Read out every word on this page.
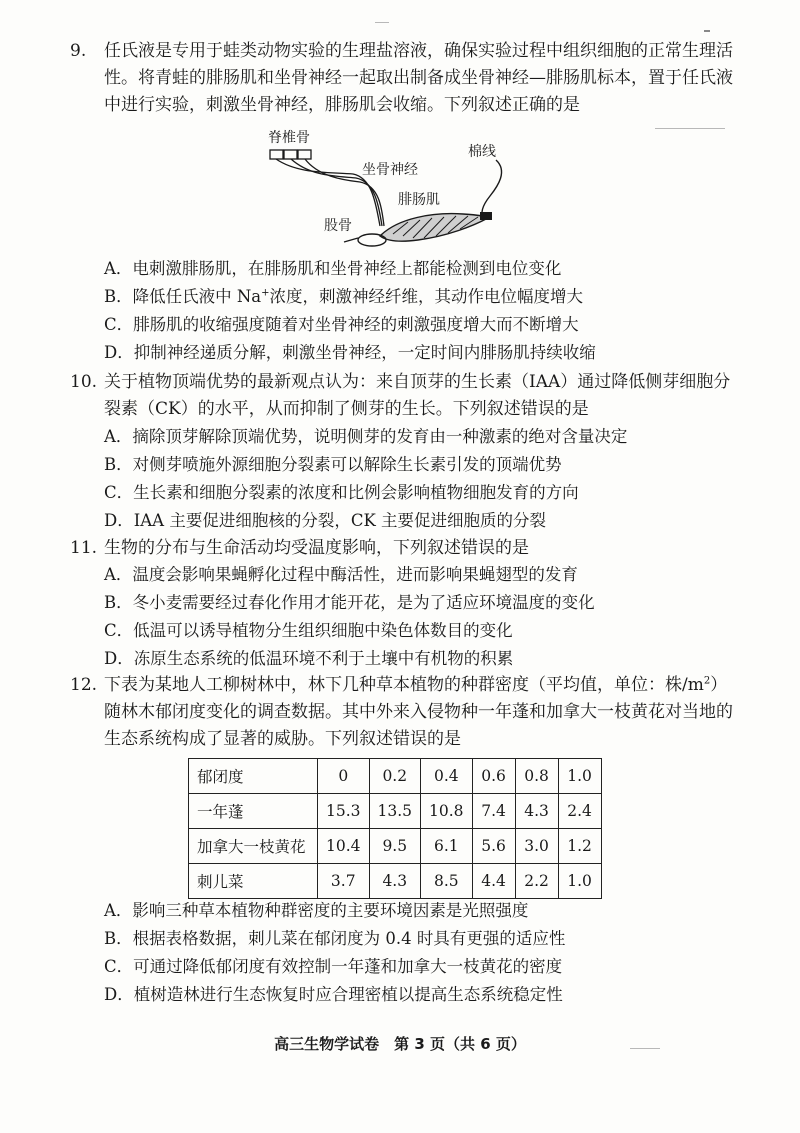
9. 任氏液是专用于蛙类动物实验的生理盐溶液，确保实验过程中组织细胞的正常生理活
性。将青蛙的腓肠肌和坐骨神经一起取出制备成坐骨神经—腓肠肌标本，置于任氏液
中进行实验，刺激坐骨神经，腓肠肌会收缩。下列叙述正确的是
脊椎骨
坐骨神经
棉线
腓肠肌
股骨
A．电刺激腓肠肌，在腓肠肌和坐骨神经上都能检测到电位变化
B．降低任氏液中 Na+浓度，刺激神经纤维，其动作电位幅度增大
C．腓肠肌的收缩强度随着对坐骨神经的刺激强度增大而不断增大
D．抑制神经递质分解，刺激坐骨神经，一定时间内腓肠肌持续收缩
10. 关于植物顶端优势的最新观点认为：来自顶芽的生长素（IAA）通过降低侧芽细胞分
裂素（CK）的水平，从而抑制了侧芽的生长。下列叙述错误的是
A．摘除顶芽解除顶端优势，说明侧芽的发育由一种激素的绝对含量决定
B．对侧芽喷施外源细胞分裂素可以解除生长素引发的顶端优势
C．生长素和细胞分裂素的浓度和比例会影响植物细胞发育的方向
D．IAA 主要促进细胞核的分裂，CK 主要促进细胞质的分裂
11. 生物的分布与生命活动均受温度影响，下列叙述错误的是
A．温度会影响果蝇孵化过程中酶活性，进而影响果蝇翅型的发育
B．冬小麦需要经过春化作用才能开花，是为了适应环境温度的变化
C．低温可以诱导植物分生组织细胞中染色体数目的变化
D．冻原生态系统的低温环境不利于土壤中有机物的积累
12. 下表为某地人工柳树林中，林下几种草本植物的种群密度（平均值，单位：株$/m^2$）
随林木郁闭度变化的调查数据。其中外来入侵物种一年蓬和加拿大一枝黄花对当地的
生态系统构成了显著的威胁。下列叙述错误的是
郁闭度	0	0.2	0.4	0.6	0.8	1.0
一年蓬	15.3	13.5	10.8	7.4	4.3	2.4
加拿大一枝黄花	10.4	9.5	6.1	5.6	3.0	1.2
刺儿菜	3.7	4.3	8.5	4.4	2.2	1.0
A．影响三种草本植物种群密度的主要环境因素是光照强度
B．根据表格数据，刺儿菜在郁闭度为 0.4 时具有更强的适应性
C．可通过降低郁闭度有效控制一年蓬和加拿大一枝黄花的密度
D．植树造林进行生态恢复时应合理密植以提高生态系统稳定性
高三生物学试卷　第 3 页（共 6 页）
